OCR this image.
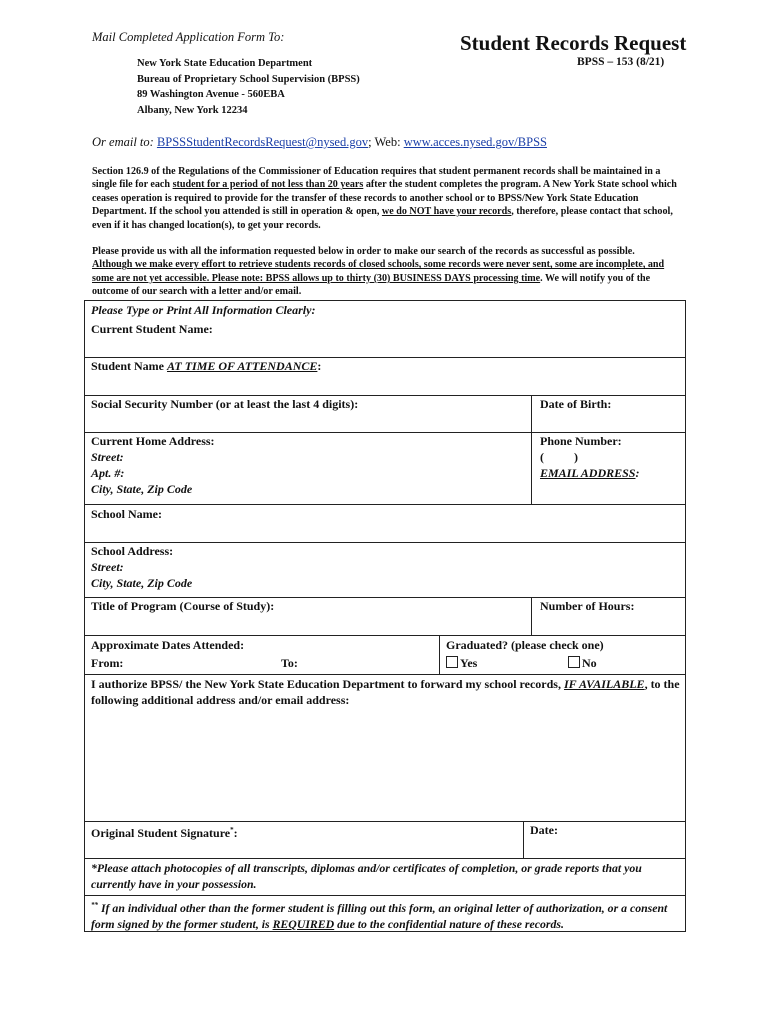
Mail Completed Application Form To:	Student Records Request
BPSS – 153 (8/21)
New York State Education Department
Bureau of Proprietary School Supervision (BPSS)
89 Washington Avenue - 560EBA
Albany, New York 12234
Or email to: BPSSStudentRecordsRequest@nysed.gov; Web: www.acces.nysed.gov/BPSS
Section 126.9 of the Regulations of the Commissioner of Education requires that student permanent records shall be maintained in a single file for each student for a period of not less than 20 years after the student completes the program. A New York State school which ceases operation is required to provide for the transfer of these records to another school or to BPSS/New York State Education Department. If the school you attended is still in operation & open, we do NOT have your records, therefore, please contact that school, even if it has changed location(s), to get your records.
Please provide us with all the information requested below in order to make our search of the records as successful as possible. Although we make every effort to retrieve students records of closed schools, some records were never sent, some are incomplete, and some are not yet accessible. Please note: BPSS allows up to thirty (30) BUSINESS DAYS processing time. We will notify you of the outcome of our search with a letter and/or email.
Please Type or Print All Information Clearly:
Current Student Name:
Student Name AT TIME OF ATTENDANCE:
Social Security Number (or at least the last 4 digits):	Date of Birth:
Current Home Address:
Street:
Apt. #:
City, State, Zip Code
Phone Number:
(          )
EMAIL ADDRESS:
School Name:
School Address:
Street:
City, State, Zip Code
Title of Program (Course of Study):	Number of Hours:
Approximate Dates Attended:
From:	To:
Graduated? (please check one)
Yes	No
I authorize BPSS/ the New York State Education Department to forward my school records, IF AVAILABLE, to the following additional address and/or email address:
Original Student Signature*:	Date:
*Please attach photocopies of all transcripts, diplomas and/or certificates of completion, or grade reports that you currently have in your possession.
** If an individual other than the former student is filling out this form, an original letter of authorization, or a consent form signed by the former student, is REQUIRED due to the confidential nature of these records.
